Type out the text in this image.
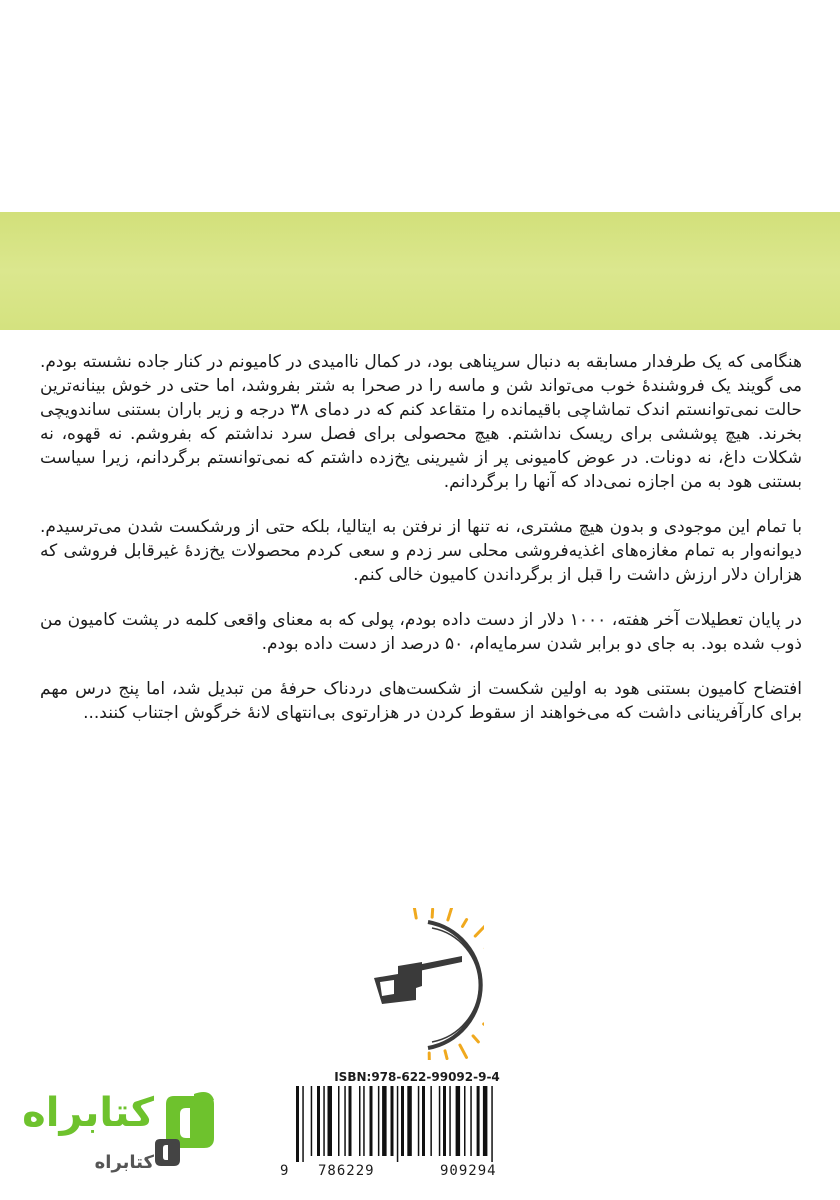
هنگامی که یک طرفدار مسابقه به دنبال سرپناهی بود، در کمال ناامیدی در کامیونم در کنار جاده نشسته بودم. می گویند یک فروشندهٔ خوب می‌تواند شن و ماسه را در صحرا به شتر بفروشد، اما حتی در خوش بینانه‌ترین حالت نمی‌توانستم اندک تماشاچی باقیمانده را متقاعد کنم که در دمای ۳۸ درجه و زیر باران بستنی ساندویچی بخرند. هیچ پوششی برای ریسک نداشتم. هیچ محصولی برای فصل سرد نداشتم که بفروشم. نه قهوه، نه شکلات داغ، نه دونات. در عوض کامیونی پر از شیرینی یخ‌زده داشتم که نمی‌توانستم برگردانم، زیرا سیاست بستنی هود به من اجازه نمی‌داد که آنها را برگردانم.

با تمام این موجودی و بدون هیچ مشتری، نه تنها از نرفتن به ایتالیا، بلکه حتی از ورشکست شدن می‌ترسیدم. دیوانه‌وار به تمام مغازه‌های اغذیه‌فروشی محلی سر زدم و سعی کردم محصولات یخ‌زدهٔ غیرقابل فروشی که هزاران دلار ارزش داشت را قبل از برگرداندن کامیون خالی کنم.

در پایان تعطیلات آخر هفته، ۱۰۰۰ دلار از دست داده بودم، پولی که به معنای واقعی کلمه در پشت کامیون من ذوب شده بود. به جای دو برابر شدن سرمایه‌ام، ۵۰ درصد از دست داده بودم.

افتضاح کامیون بستنی هود به اولین شکست از شکست‌های دردناک حرفهٔ من تبدیل شد، اما پنج درس مهم برای کارآفرینانی داشت که می‌خواهند از سقوط کردن در هزارتوی بی‌انتهای لانهٔ خرگوش اجتناب کنند...

ISBN:978-622-99092-9-4
9 786229	909294
کتابراه
کتابراه
